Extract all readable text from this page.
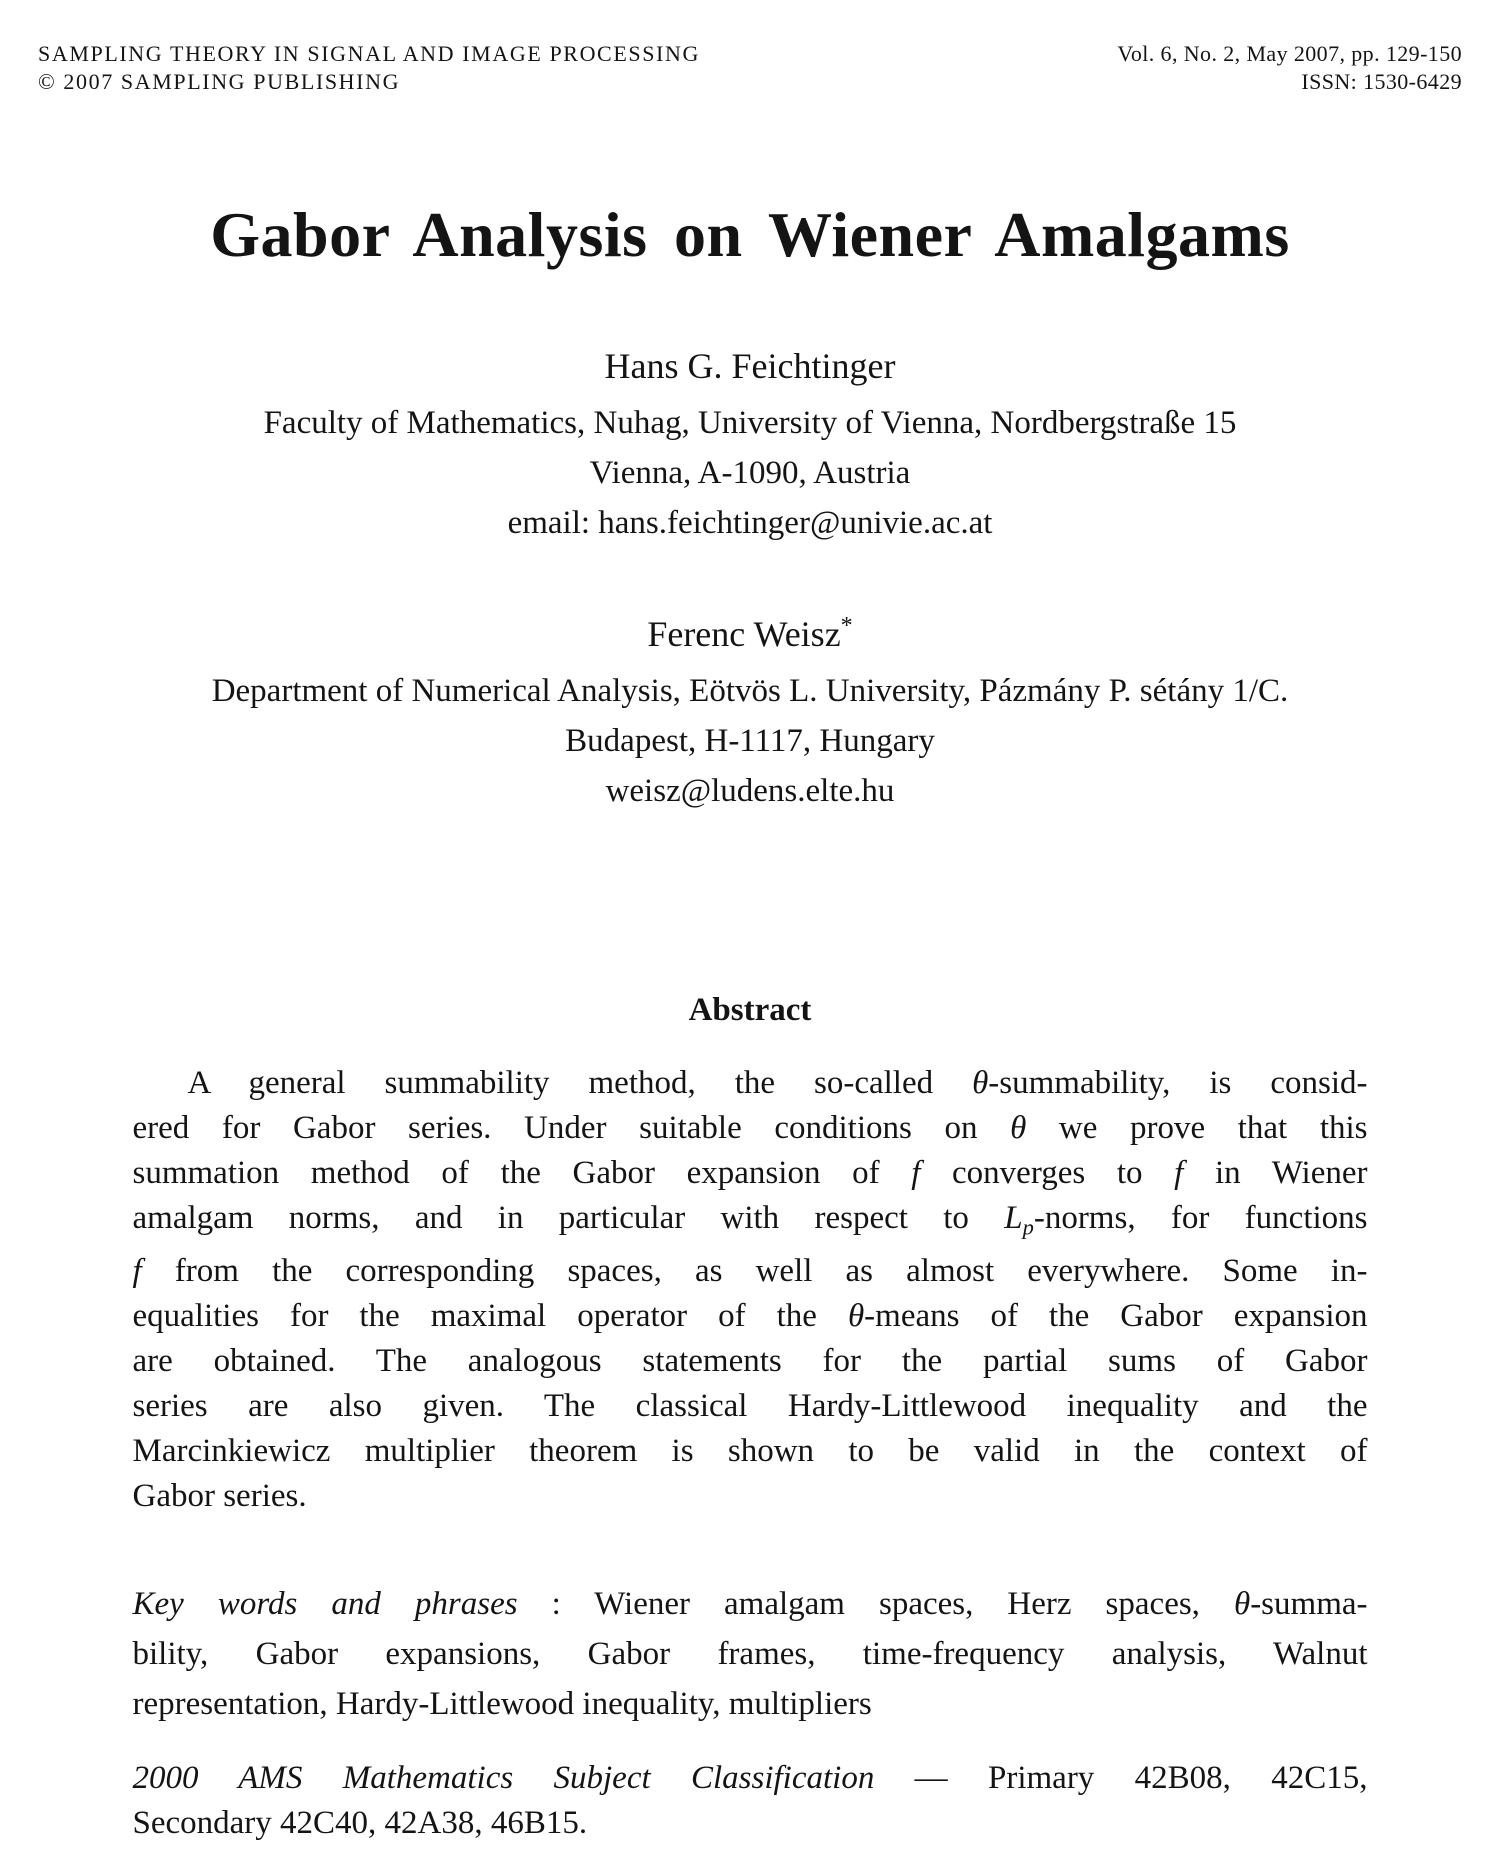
SAMPLING THEORY IN SIGNAL AND IMAGE PROCESSING
© 2007 SAMPLING PUBLISHING
Vol. 6, No. 2, May 2007, pp. 129-150
ISSN: 1530-6429
Gabor Analysis on Wiener Amalgams
Hans G. Feichtinger
Faculty of Mathematics, Nuhag, University of Vienna, Nordbergstraße 15
Vienna, A-1090, Austria
email: hans.feichtinger@univie.ac.at
Ferenc Weisz*
Department of Numerical Analysis, Eötvös L. University, Pázmány P. sétány 1/C.
Budapest, H-1117, Hungary
weisz@ludens.elte.hu
Abstract
A general summability method, the so-called θ-summability, is consid-
ered for Gabor series. Under suitable conditions on θ we prove that this
summation method of the Gabor expansion of f converges to f in Wiener
amalgam norms, and in particular with respect to $L_p$-norms, for functions
f from the corresponding spaces, as well as almost everywhere. Some in-
equalities for the maximal operator of the θ-means of the Gabor expansion
are obtained. The analogous statements for the partial sums of Gabor
series are also given. The classical Hardy-Littlewood inequality and the
Marcinkiewicz multiplier theorem is shown to be valid in the context of
Gabor series.
Key words and phrases : Wiener amalgam spaces, Herz spaces, θ-summa-
bility, Gabor expansions, Gabor frames, time-frequency analysis, Walnut
representation, Hardy-Littlewood inequality, multipliers
2000 AMS Mathematics Subject Classification — Primary 42B08, 42C15,
Secondary 42C40, 42A38, 46B15.
